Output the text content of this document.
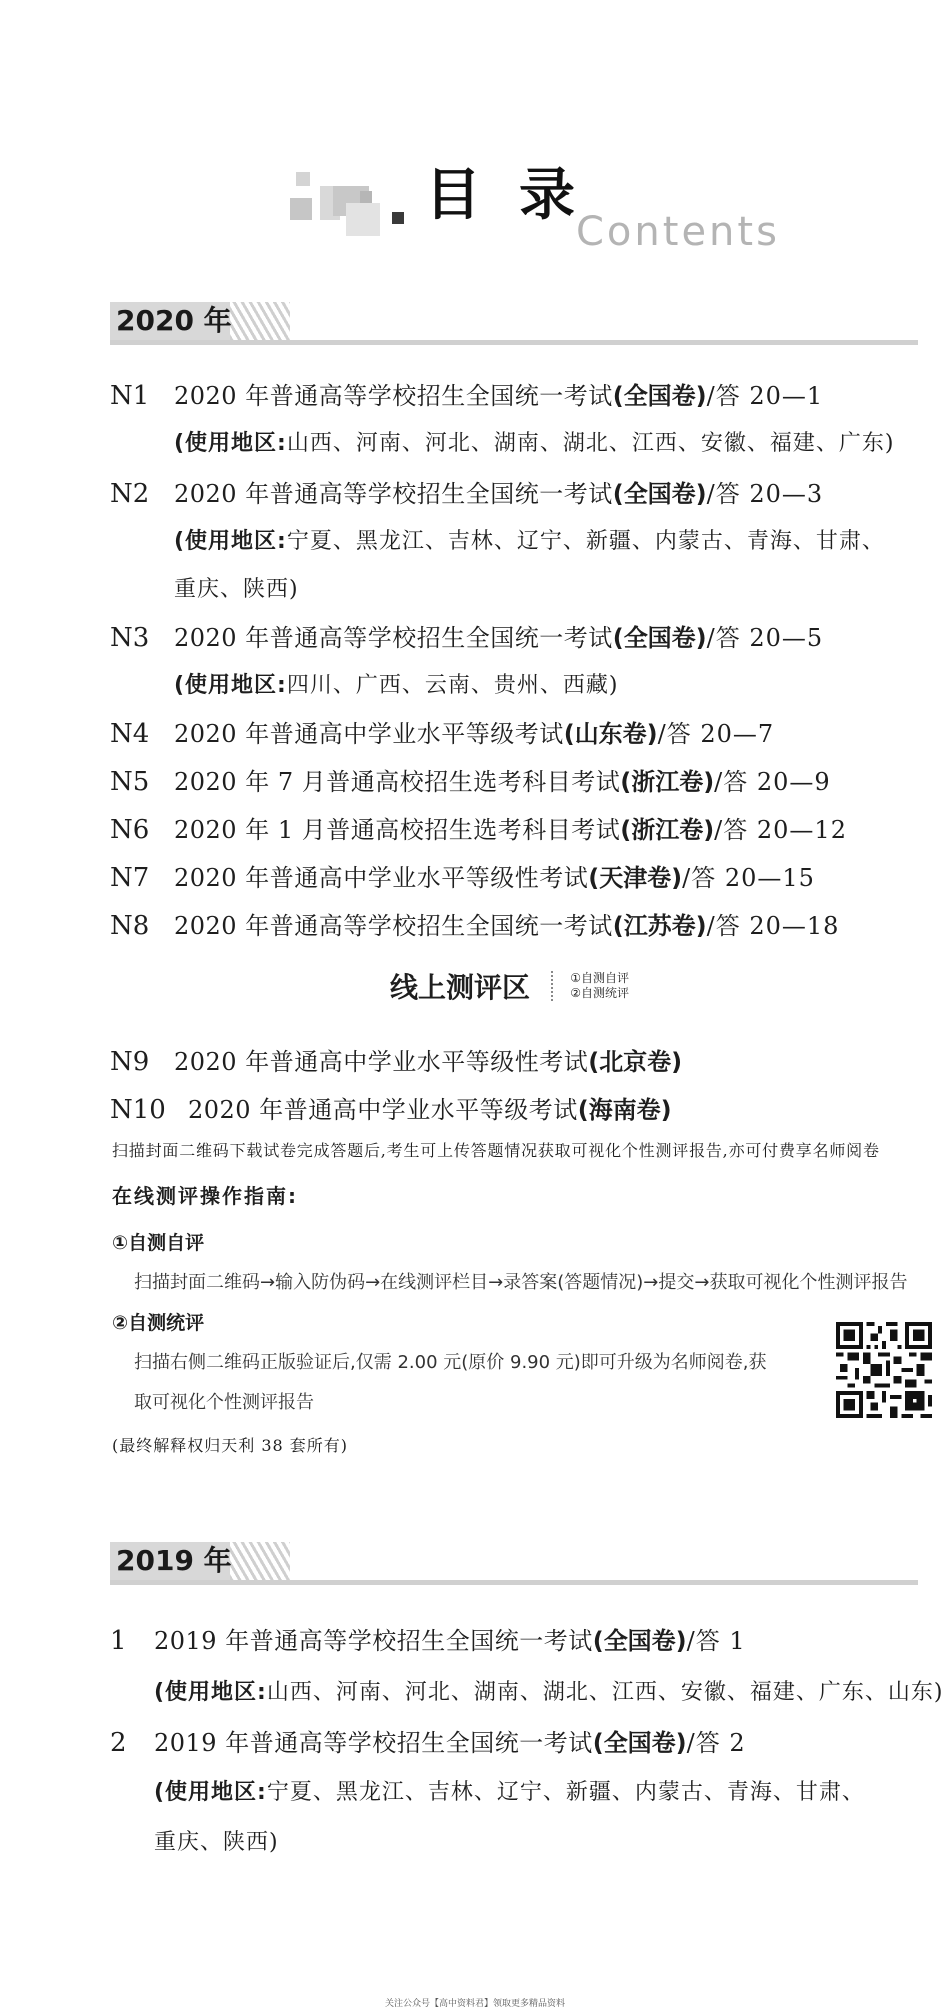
目录
Contents
2020 年
N1	2020 年普通高等学校招生全国统一考试 (全国卷) /答 20—1
(使用地区:山西、河南、河北、湖南、湖北、江西、安徽、福建、广东)
N2	2020 年普通高等学校招生全国统一考试 (全国卷) /答 20—3
(使用地区:宁夏、黑龙江、吉林、辽宁、新疆、内蒙古、青海、甘肃、
重庆、陕西)
N3	2020 年普通高等学校招生全国统一考试 (全国卷) /答 20—5
(使用地区:四川、广西、云南、贵州、西藏)
N4	2020 年普通高中学业水平等级考试 (山东卷) /答 20—7
N5	2020 年 7 月普通高校招生选考科目考试 (浙江卷) /答 20—9
N6	2020 年 1 月普通高校招生选考科目考试 (浙江卷) /答 20—12
N7	2020 年普通高中学业水平等级性考试 (天津卷) /答 20—15
N8	2020 年普通高等学校招生全国统一考试 (江苏卷) /答 20—18
线上测评区	①自测自评
②自测统评
N9	2020 年普通高中学业水平等级性考试 (北京卷)
N10 2020 年普通高中学业水平等级考试 (海南卷)
扫描封面二维码下载试卷完成答题后,考生可上传答题情况获取可视化个性测评报告,亦可付费享名师阅卷
在线测评操作指南:
①自测自评
扫描封面二维码→输入防伪码→在线测评栏目→录答案(答题情况)→提交→获取可视化个性测评报告
②自测统评
扫描右侧二维码正版验证后,仅需 2.00 元(原价 9.90 元)即可升级为名师阅卷,获
取可视化个性测评报告
(最终解释权归天利 38 套所有)
2019 年
1	2019 年普通高等学校招生全国统一考试 (全国卷) /答 1
(使用地区:山西、河南、河北、湖南、湖北、江西、安徽、福建、广东、山东)
2	2019 年普通高等学校招生全国统一考试 (全国卷) /答 2
(使用地区:宁夏、黑龙江、吉林、辽宁、新疆、内蒙古、青海、甘肃、
重庆、陕西)
关注公众号【高中资料君】领取更多精品资料
